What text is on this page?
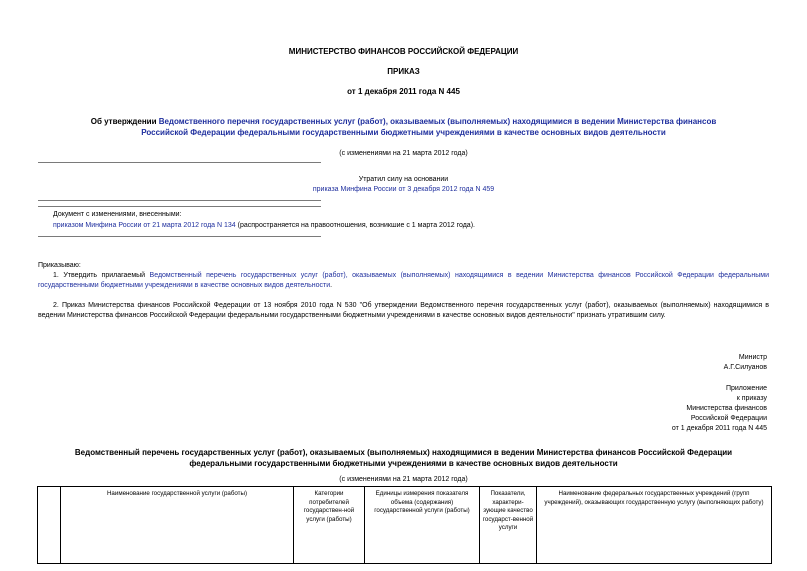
МИНИСТЕРСТВО ФИНАНСОВ РОССИЙСКОЙ ФЕДЕРАЦИИ
ПРИКАЗ
от 1 декабря 2011 года N 445
Об утверждении Ведомственного перечня государственных услуг (работ), оказываемых (выполняемых) находящимися в ведении Министерства финансов
Российской Федерации федеральными государственными бюджетными учреждениями в качестве основных видов деятельности
(с изменениями на 21 марта 2012 года)
Утратил силу на основании
приказа Минфина России от 3 декабря 2012 года N 459
Документ с изменениями, внесенными:
приказом Минфина России от 21 марта 2012 года N 134 (распространяется на правоотношения, возникшие с 1 марта 2012 года).
Приказываю:
1. Утвердить прилагаемый Ведомственный перечень государственных услуг (работ), оказываемых (выполняемых) находящимися в ведении Министерства финансов Российской Федерации федеральными государственными бюджетными учреждениями в качестве основных видов деятельности.
2. Приказ Министерства финансов Российской Федерации от 13 ноября 2010 года N 530 "Об утверждении Ведомственного перечня государственных услуг (работ), оказываемых (выполняемых) находящимися в ведении Министерства финансов Российской Федерации федеральными государственными бюджетными учреждениями в качестве основных видов деятельности" признать утратившим силу.
Министр
А.Г.Силуанов
Приложение
к приказу
Министерства финансов
Российской Федерации
от 1 декабря 2011 года N 445
Ведомственный перечень государственных услуг (работ), оказываемых (выполняемых) находящимися в ведении Министерства финансов Российской Федерации
федеральными государственными бюджетными учреждениями в качестве основных видов деятельности
(с изменениями на 21 марта 2012 года)
	Наименование государственной услуги (работы)	Категории потребителей государствен-ной услуги (работы)	Единицы измерения показателя объема (содержания) государственной услуги (работы)	Показатели, характери-зующие качество государст-венной услуги	Наименование федеральных государственных учреждений (групп учреждений), оказывающих государственную услугу (выполняющих работу)
